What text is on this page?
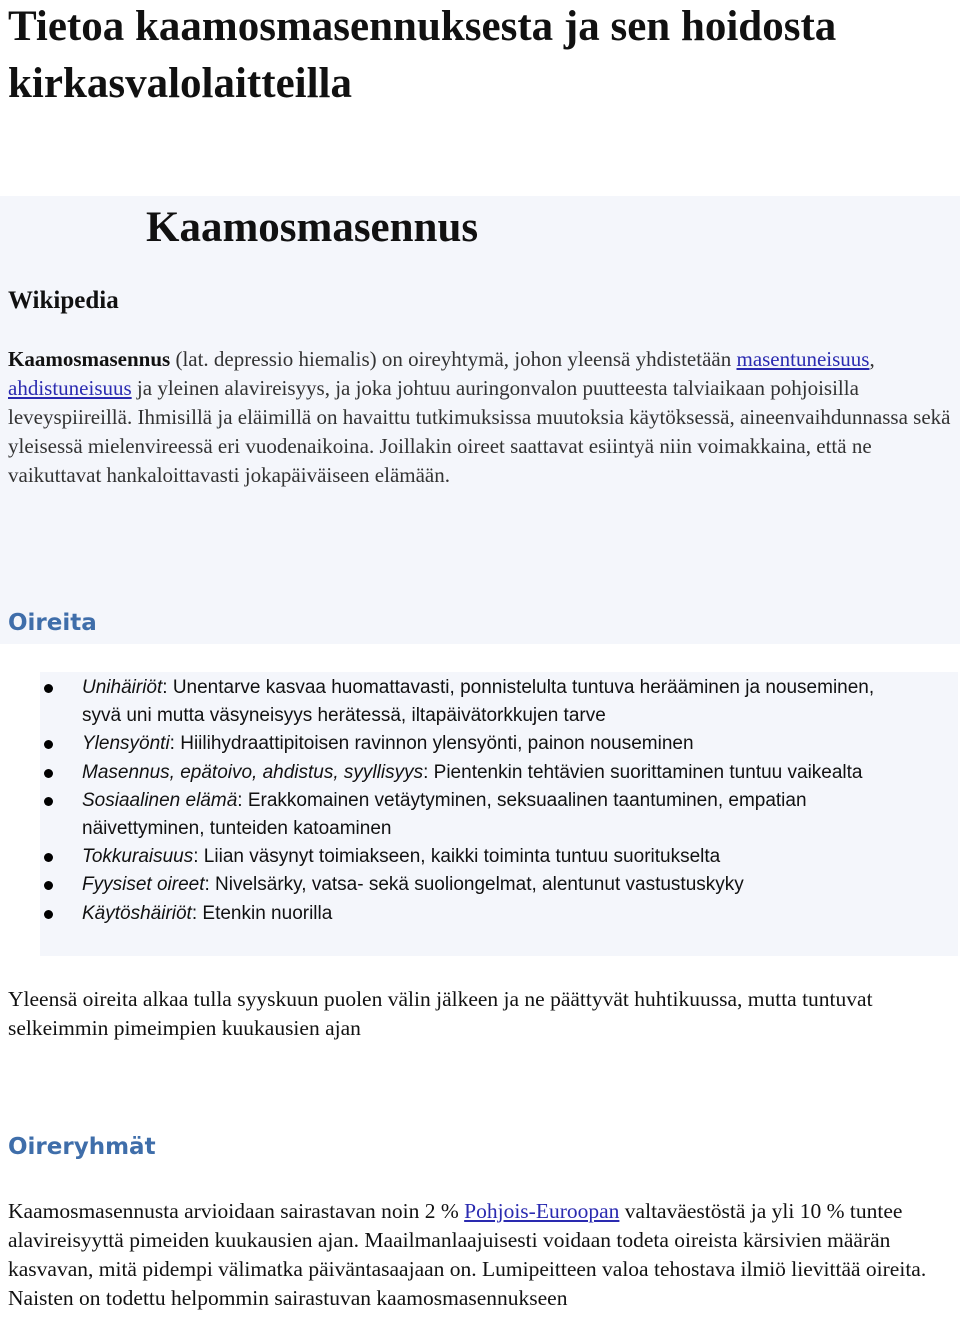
Tietoa kaamosmasennuksesta ja sen hoidosta kirkasvalolaitteilla
Kaamosmasennus
Wikipedia

Kaamosmasennus (lat. depressio hiemalis) on oireyhtymä, johon yleensä yhdistetään masentuneisuus, ahdistuneisuus ja yleinen alavireisyys, ja joka johtuu auringonvalon puutteesta talviaikaan pohjoisilla leveyspiireillä. Ihmisillä ja eläimillä on havaittu tutkimuksissa muutoksia käytöksessä, aineenvaihdunnassa sekä yleisessä mielenvireessä eri vuodenaikoina. Joillakin oireet saattavat esiintyä niin voimakkaina, että ne vaikuttavat hankaloittavasti jokapäiväiseen elämään.

Oireita
Unihäiriöt: Unentarve kasvaa huomattavasti, ponnistelulta tuntuva herääminen ja nouseminen, syvä uni mutta väsyneisyys herätessä, iltapäivätorkkujen tarve
Ylensyönti: Hiilihydraattipitoisen ravinnon ylensyönti, painon nouseminen
Masennus, epätoivo, ahdistus, syyllisyys: Pientenkin tehtävien suorittaminen tuntuu vaikealta
Sosiaalinen elämä: Erakkomainen vetäytyminen, seksuaalinen taantuminen, empatian näivettyminen, tunteiden katoaminen
Tokkuraisuus: Liian väsynyt toimiakseen, kaikki toiminta tuntuu suoritukselta
Fyysiset oireet: Nivelsärky, vatsa- sekä suoliongelmat, alentunut vastustuskyky
Käytöshäiriöt: Etenkin nuorilla

Yleensä oireita alkaa tulla syyskuun puolen välin jälkeen ja ne päättyvät huhtikuussa, mutta tuntuvat selkeimmin pimeimpien kuukausien ajan

Oireryhmät

Kaamosmasennusta arvioidaan sairastavan noin 2 % Pohjois-Euroopan valtaväestöstä ja yli 10 % tuntee alavireisyyttä pimeiden kuukausien ajan. Maailmanlaajuisesti voidaan todeta oireista kärsivien määrän kasvavan, mitä pidempi välimatka päiväntasaajaan on. Lumipeitteen valoa tehostava ilmiö lievittää oireita. Naisten on todettu helpommin sairastuvan kaamosmasennukseen
